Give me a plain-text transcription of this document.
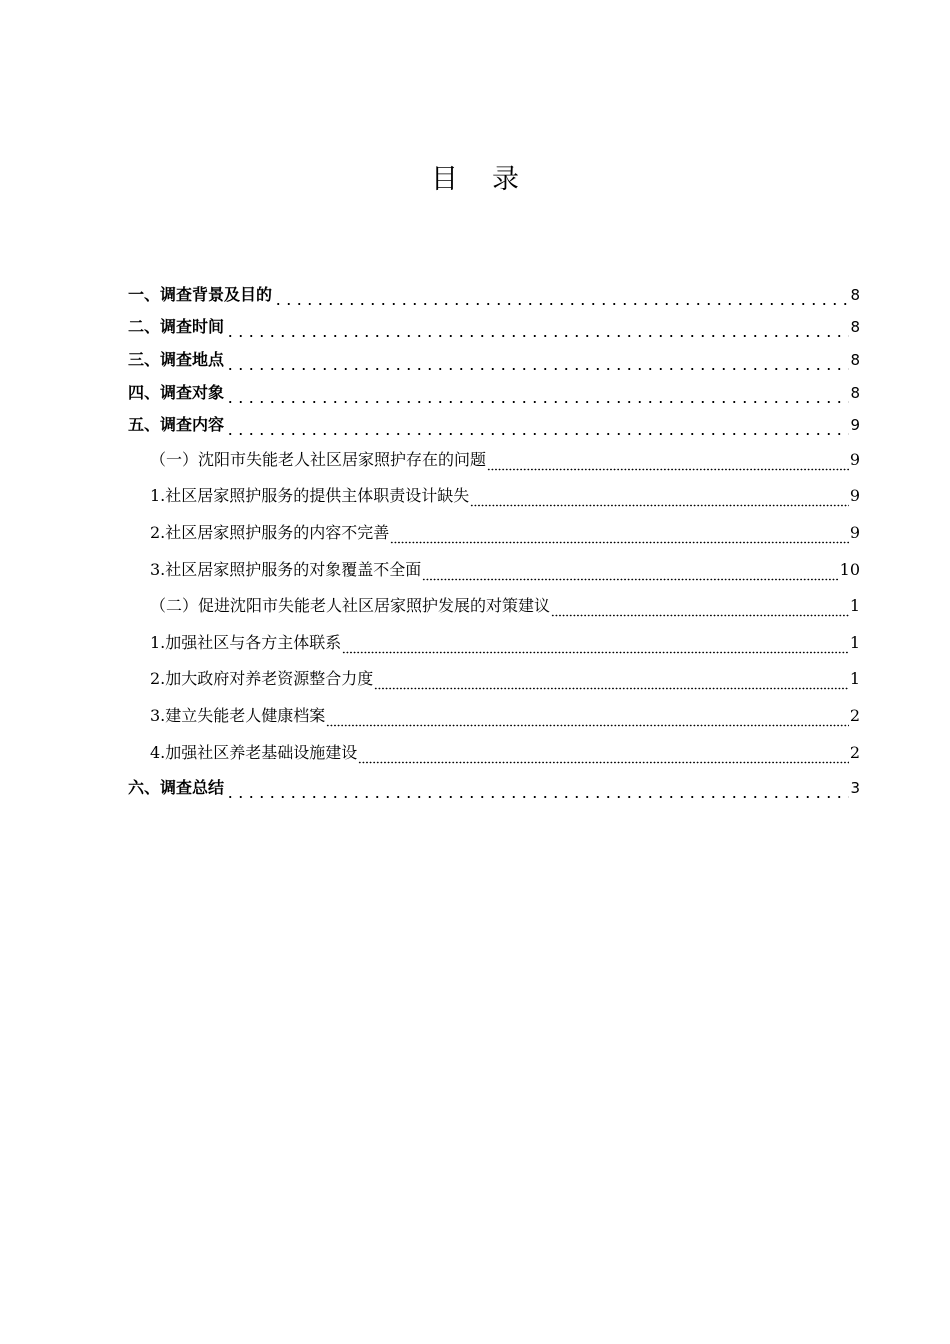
目 录
一、调查背景及目的	8
二、调查时间	8
三、调查地点	8
四、调查对象	8
五、调查内容	9
（一）沈阳市失能老人社区居家照护存在的问题	9
1.社区居家照护服务的提供主体职责设计缺失	9
2.社区居家照护服务的内容不完善	9
3.社区居家照护服务的对象覆盖不全面	10
（二）促进沈阳市失能老人社区居家照护发展的对策建议	1
1.加强社区与各方主体联系	1
2.加大政府对养老资源整合力度	1
3.建立失能老人健康档案	2
4.加强社区养老基础设施建设	2
六、调查总结	3
